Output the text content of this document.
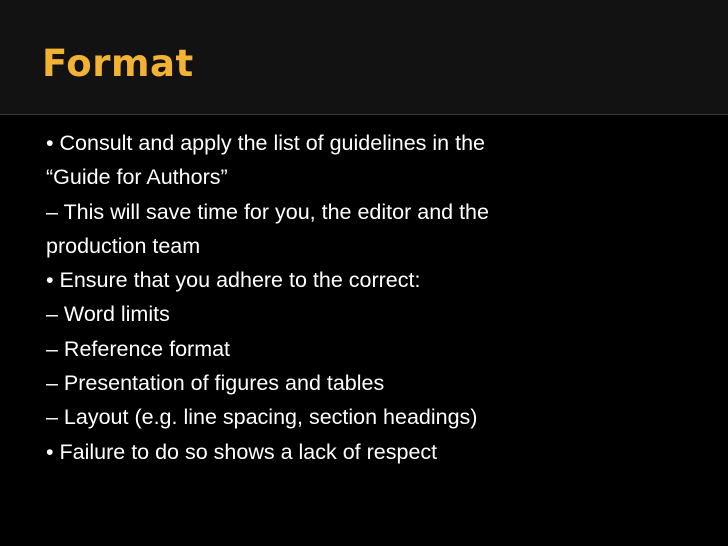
Format
• Consult and apply the list of guidelines in the
“Guide for Authors”
– This will save time for you, the editor and the
production team
• Ensure that you adhere to the correct:
– Word limits
– Reference format
– Presentation of figures and tables
– Layout (e.g. line spacing, section headings)
• Failure to do so shows a lack of respect
